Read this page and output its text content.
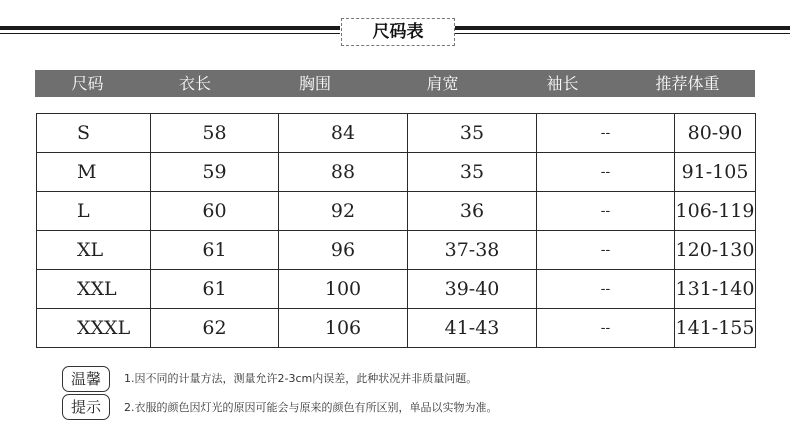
尺码表
尺码	衣长	胸围	肩宽	袖长	推荐体重
S	58	84	35	--	80-90
M	59	88	35	--	91-105
L	60	92	36	--	106-119
XL	61	96	37-38	--	120-130
XXL	61	100	39-40	--	131-140
XXXL	62	106	41-43	--	141-155
温馨
提示
1.因不同的计量方法，测量允许2-3cm内误差，此种状况并非质量问题。
2.衣服的颜色因灯光的原因可能会与原来的颜色有所区别，单品以实物为准。
